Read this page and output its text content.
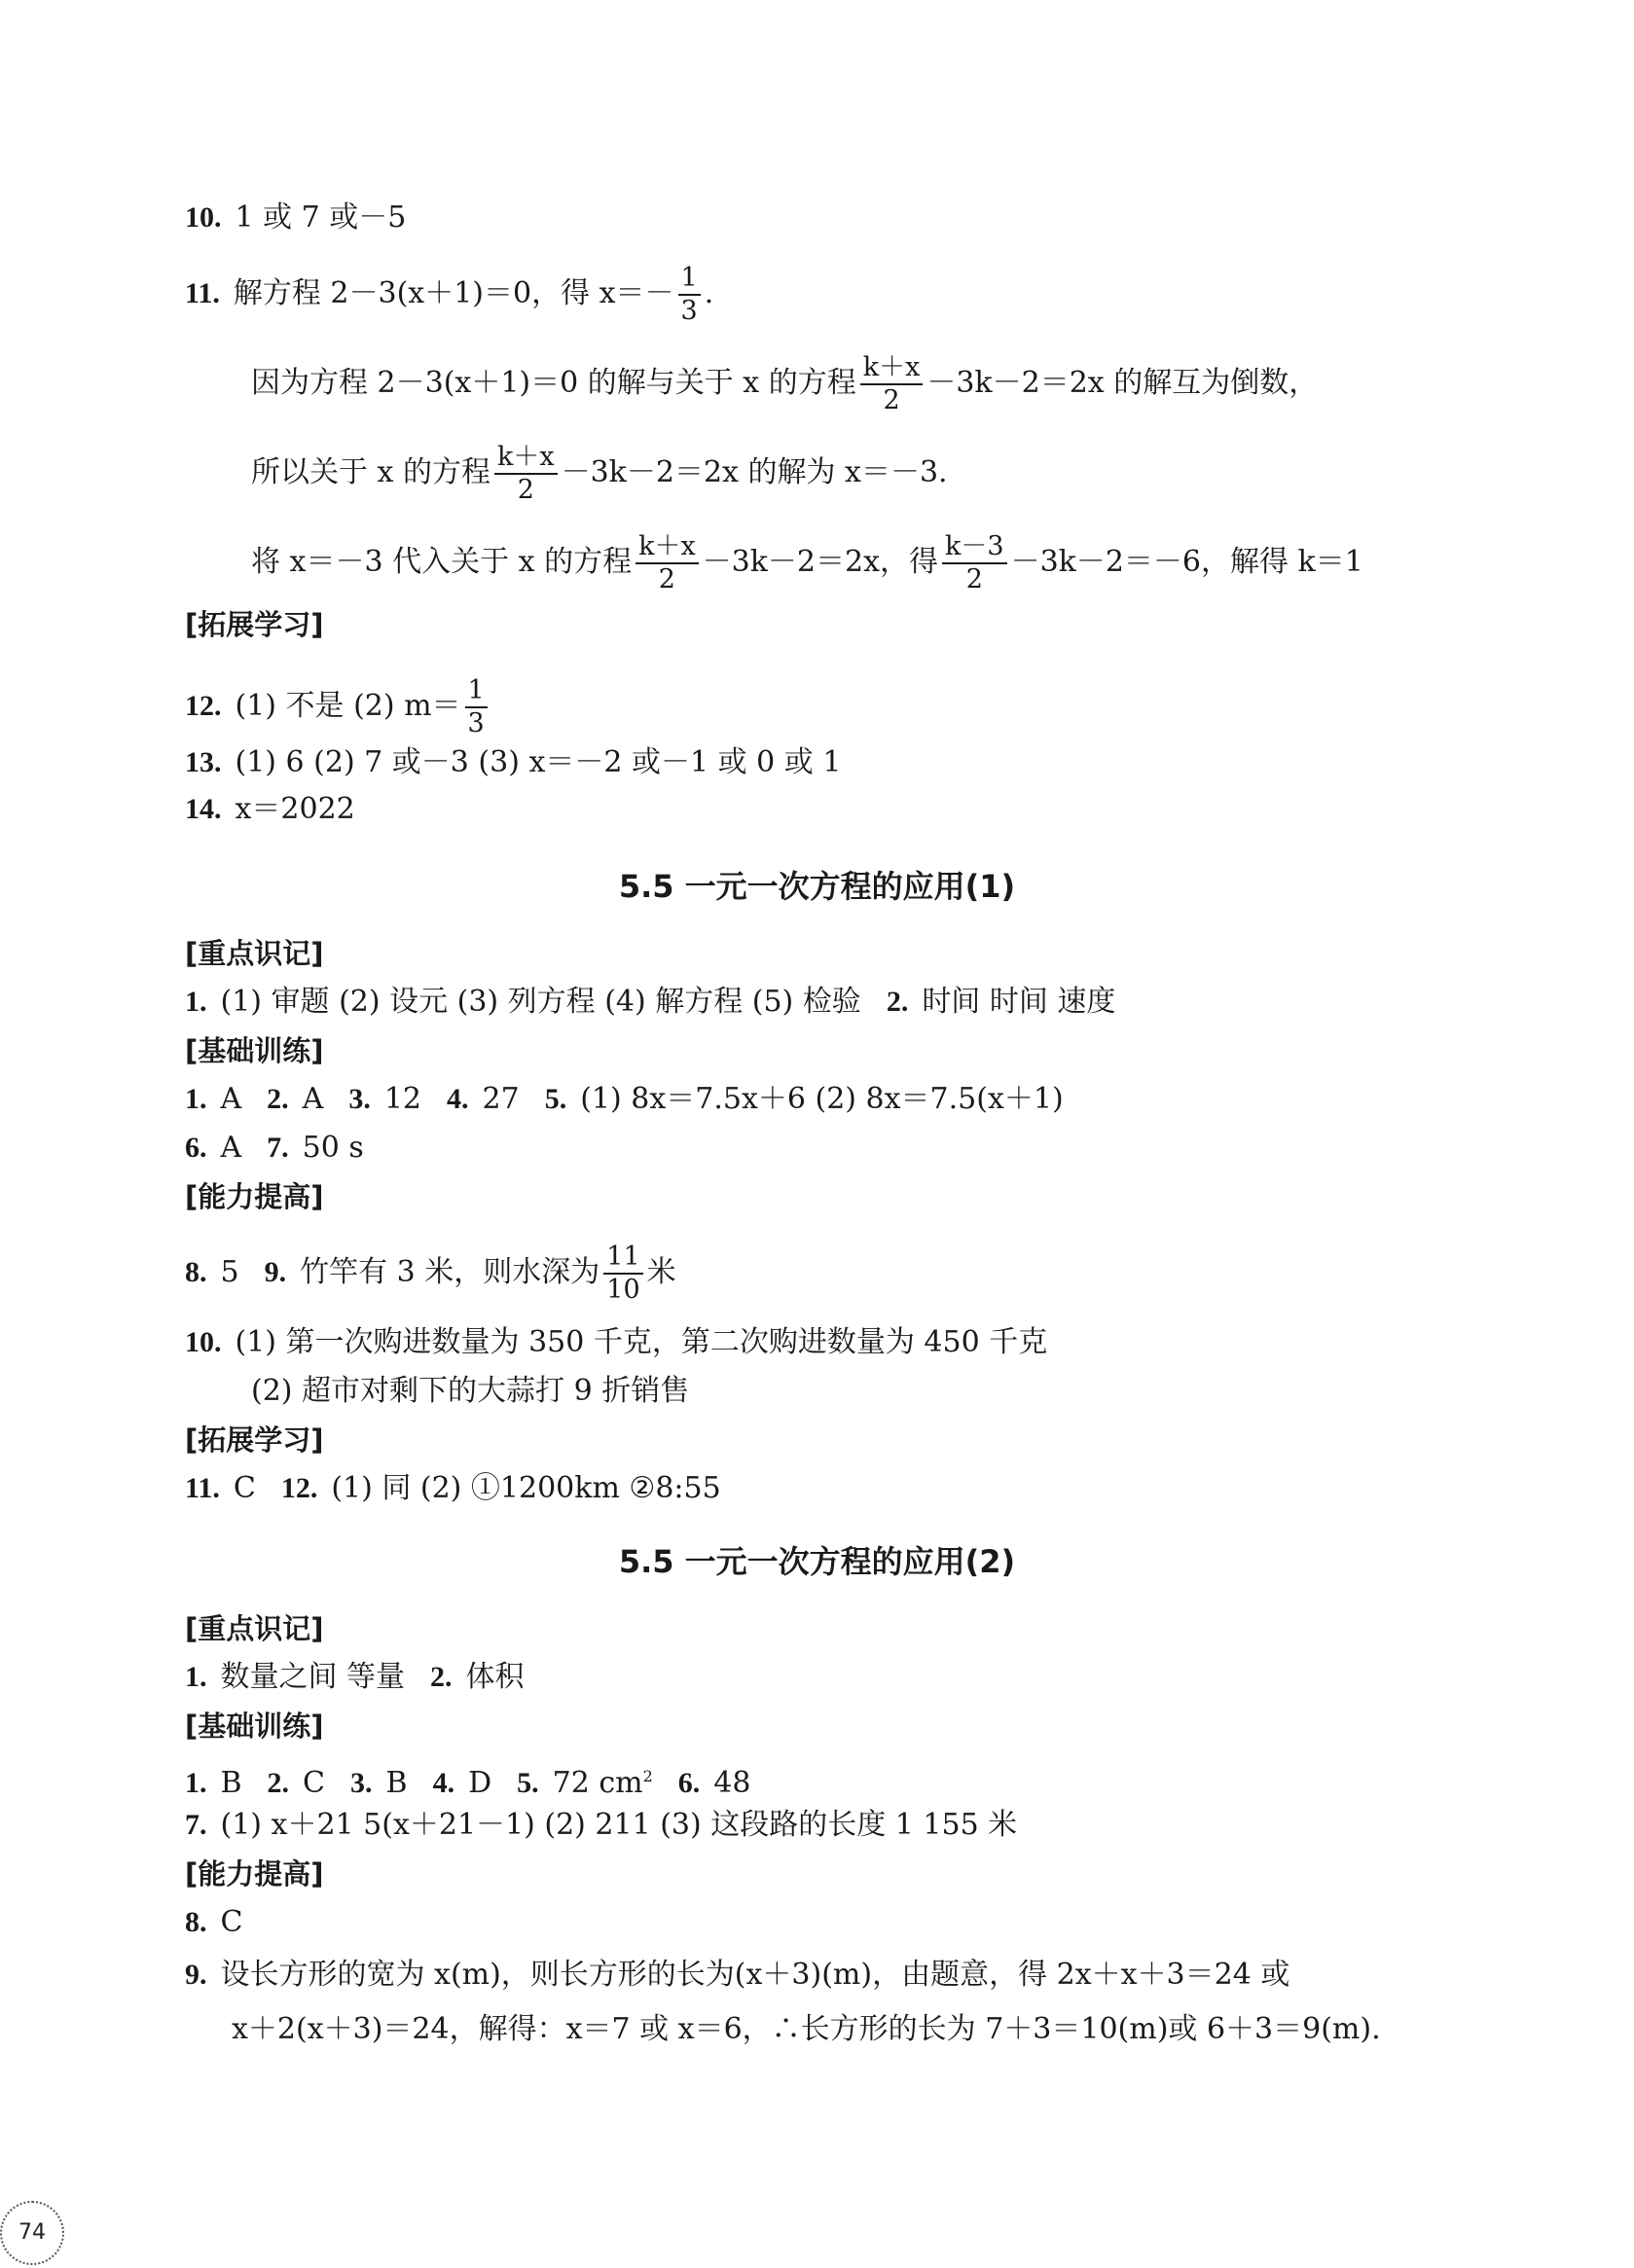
10. 1 或 7 或－5
11. 解方程 2－3(x＋1)＝0，得 $x=- \frac{1}{3}$ .
因为方程 2－3(x＋1)＝0 的解与关于 x 的方程 $\frac{k+x}{2} -3k-2=2x$ 的解互为倒数，
所以关于 x 的方程 $\frac{k+x}{2} -3k-2=2x$ 的解为 x＝－3.
将 x＝－3 代入关于 x 的方程 $\frac{k+x}{2} -3k-2=2x$，得 $\frac{k-3}{2} -3k-2=-6$，解得 k＝1
[拓展学习]
12. (1) 不是 (2) $m= \frac{1}{3}$
13. (1) 6 (2) 7 或－3 (3) x＝－2 或－1 或 0 或 1
14. x＝2022
5.5 一元一次方程的应用(1)
[重点识记]
1. (1) 审题 (2) 设元 (3) 列方程 (4) 解方程 (5) 检验 2. 时间 时间 速度
[基础训练]
1. A 2. A 3. 12 4. 27 5. (1) 8x＝7.5x＋6 (2) 8x＝7.5(x＋1)
6. A 7. 50 s
[能力提高]
8. 5 9. 竹竿有 3 米，则水深为 $\frac{11}{10}$ 米
10. (1) 第一次购进数量为 350 千克，第二次购进数量为 450 千克
(2) 超市对剩下的大蒜打 9 折销售
[拓展学习]
11. C 12. (1) 同 (2) ①1200km ②8:55
5.5 一元一次方程的应用(2)
[重点识记]
1. 数量之间 等量 2. 体积
[基础训练]
1. B 2. C 3. B 4. D 5. 72 $cm^2$ 6. 48
7. (1) x＋21 5(x＋21－1) (2) 211 (3) 这段路的长度 1 155 米
[能力提高]
8. C
9. 设长方形的宽为 x(m)，则长方形的长为(x＋3)(m)，由题意，得 2x＋x＋3＝24 或
x＋2(x＋3)＝24，解得：x＝7 或 x＝6，∴长方形的长为 7＋3＝10(m)或 6＋3＝9(m).
74
